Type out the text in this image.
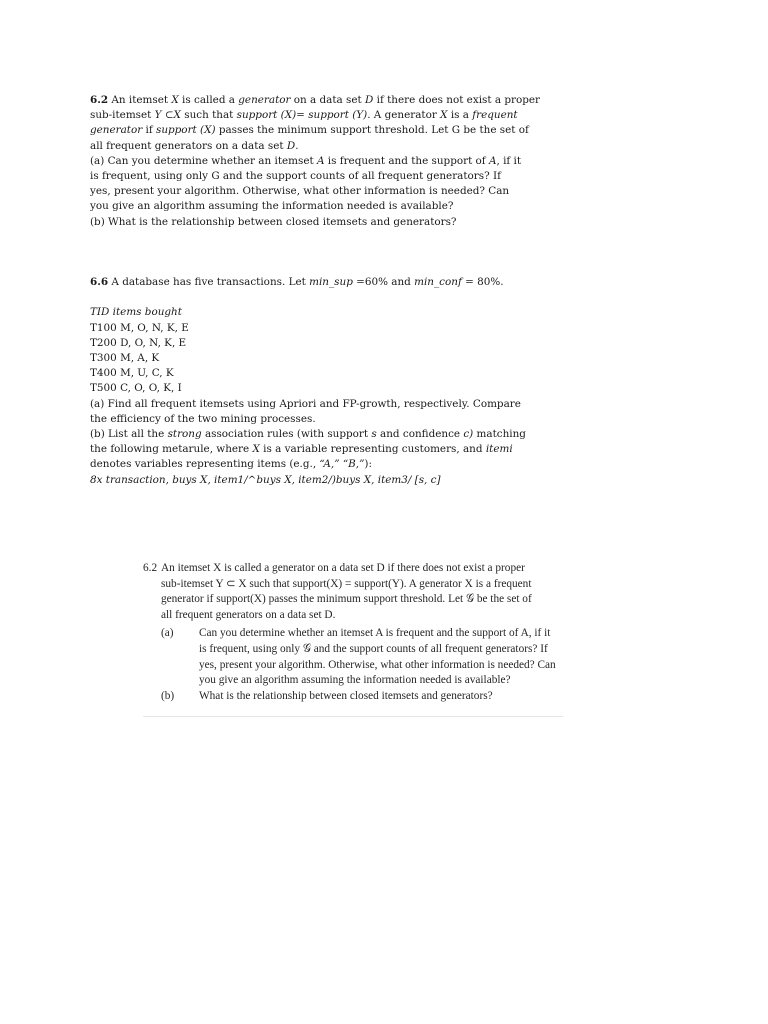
6.2 An itemset X is called a generator on a data set D if there does not exist a proper
sub-itemset Y ⊂X such that support (X)= support (Y). A generator X is a frequent
generator if support (X) passes the minimum support threshold. Let G be the set of
all frequent generators on a data set D.
(a) Can you determine whether an itemset A is frequent and the support of A, if it
is frequent, using only G and the support counts of all frequent generators? If
yes, present your algorithm. Otherwise, what other information is needed? Can
you give an algorithm assuming the information needed is available?
(b) What is the relationship between closed itemsets and generators?
6.6 A database has five transactions. Let min_sup =60% and min_conf = 80%.
TID items bought
T100 M, O, N, K, E
T200 D, O, N, K, E
T300 M, A, K
T400 M, U, C, K
T500 C, O, O, K, I
(a) Find all frequent itemsets using Apriori and FP-growth, respectively. Compare
the efficiency of the two mining processes.
(b) List all the strong association rules (with support s and confidence c) matching
the following metarule, where X is a variable representing customers, and itemi
denotes variables representing items (e.g., “A,” “B,”):
8x transaction, buys X, item1/^buys X, item2/)buys X, item3/ [s, c]
6.2 An itemset X is called a generator on a data set D if there does not exist a proper
sub-itemset Y ⊂ X such that support(X) = support(Y). A generator X is a frequent
generator if support(X) passes the minimum support threshold. Let 𝒢 be the set of
all frequent generators on a data set D.
(a) Can you determine whether an itemset A is frequent and the support of A, if it
is frequent, using only 𝒢 and the support counts of all frequent generators? If
yes, present your algorithm. Otherwise, what other information is needed? Can
you give an algorithm assuming the information needed is available?
(b) What is the relationship between closed itemsets and generators?
